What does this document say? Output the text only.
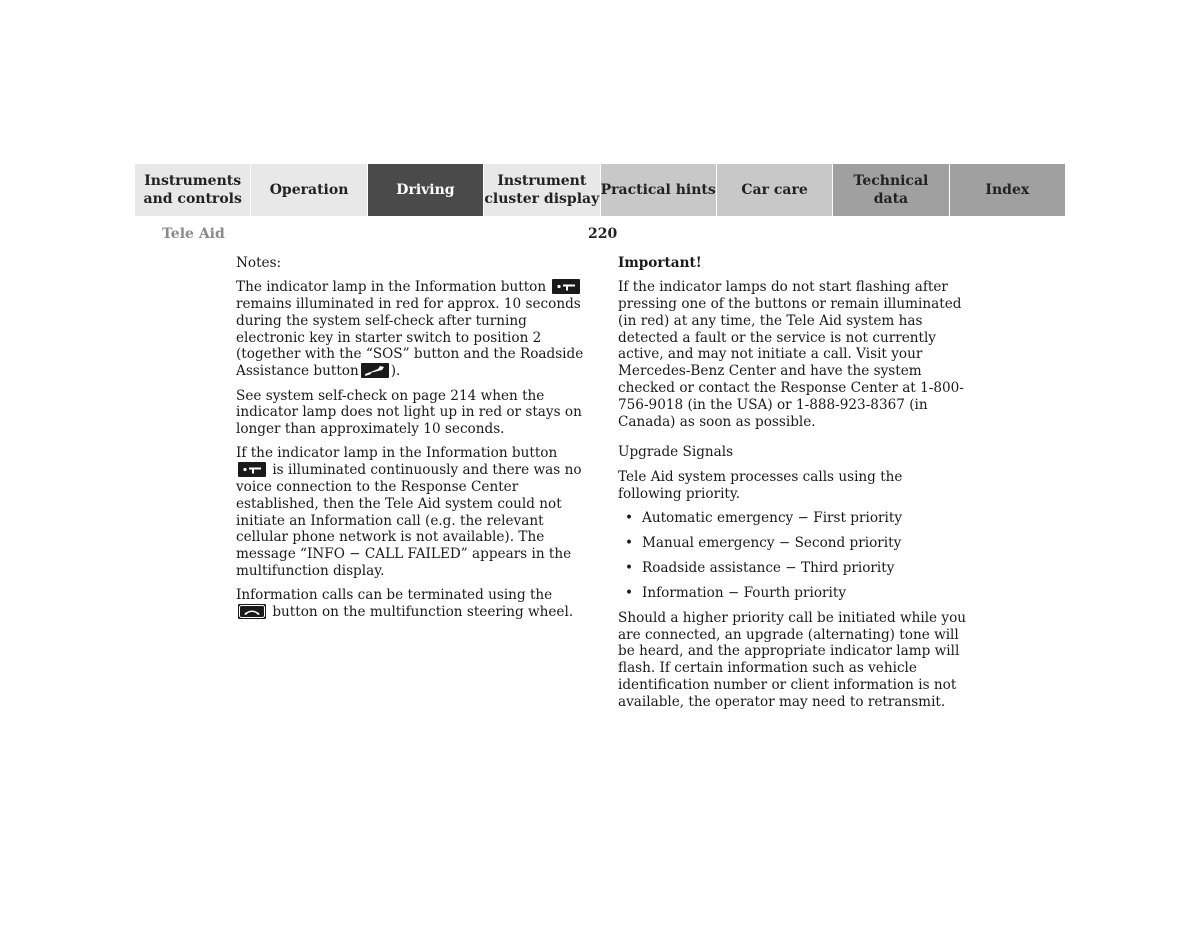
Instruments
and controls
Operation	Driving
Instrument
cluster display
Practical hints Car care
Technical
data
Index
Tele Aid	220

Notes:

The indicator lamp in the Information button
remains illuminated in red for approx. 10 seconds during the system self-check after turning electronic key in starter switch to position 2 (together with the “SOS” button and the Roadside Assistance button ).

See system self-check on page 214 when the indicator lamp does not light up in red or stays on longer than approximately 10 seconds.

If the indicator lamp in the Information button
is illuminated continuously and there was no voice connection to the Response Center established, then the Tele Aid system could not initiate an Information call (e.g. the relevant cellular phone network is not available). The message “INFO − CALL FAILED” appears in the multifunction display.

Information calls can be terminated using the

button on the multifunction steering wheel.

Important!

If the indicator lamps do not start flashing after pressing one of the buttons or remain illuminated (in red) at any time, the Tele Aid system has detected a fault or the service is not currently active, and may not initiate a call. Visit your Mercedes-Benz Center and have the system checked or contact the Response Center at 1-800-756-9018 (in the USA) or 1-888-923-8367 (in Canada) as soon as possible.

Upgrade Signals

Tele Aid system processes calls using the following priority.

• Automatic emergency − First priority
• Manual emergency − Second priority
• Roadside assistance − Third priority
• Information − Fourth priority

Should a higher priority call be initiated while you are connected, an upgrade (alternating) tone will be heard, and the appropriate indicator lamp will flash. If certain information such as vehicle identification number or client information is not available, the operator may need to retransmit.
